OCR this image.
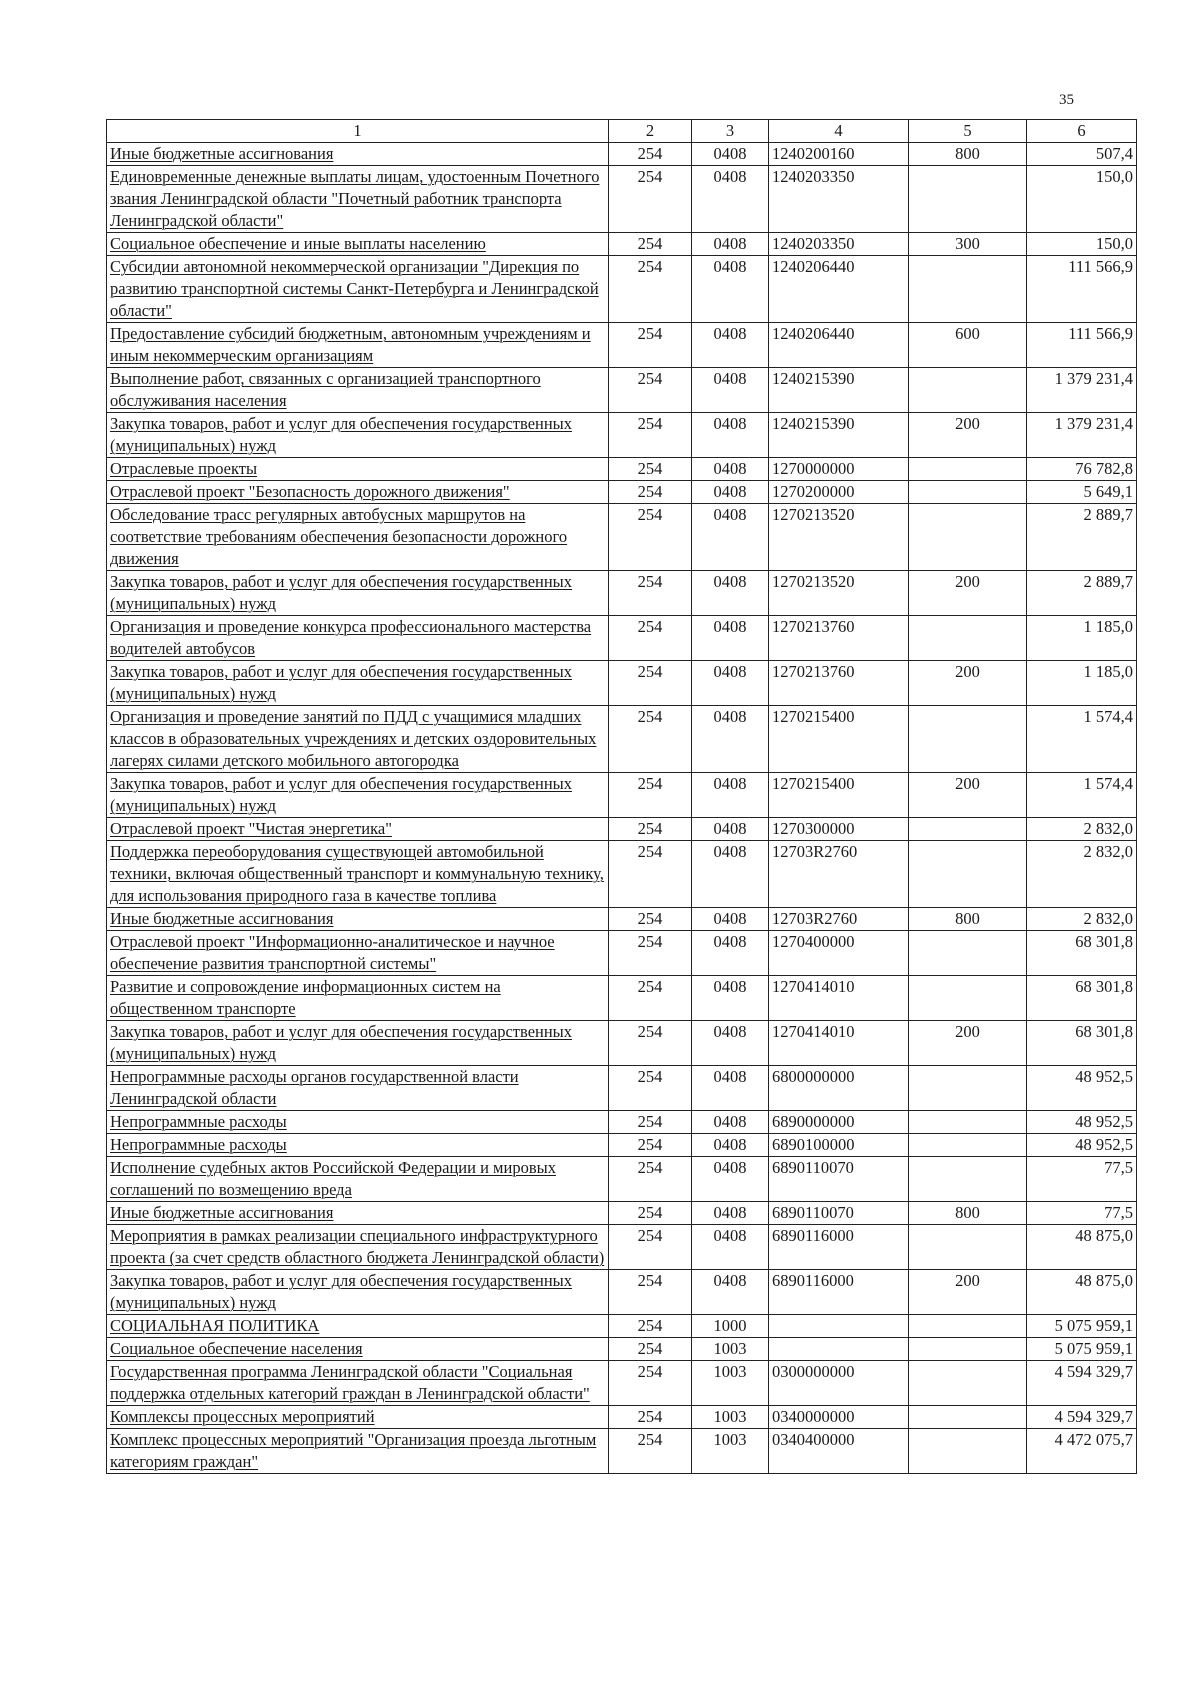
35
1	2	3	4	5	6
Иные бюджетные ассигнования	254	0408	1240200160	800	507,4
Единовременные денежные выплаты лицам, удостоенным Почетного звания Ленинградской области "Почетный работник транспорта Ленинградской области"	254	0408	1240203350		150,0
Социальное обеспечение и иные выплаты населению	254	0408	1240203350	300	150,0
Субсидии автономной некоммерческой организации "Дирекция по развитию транспортной системы Санкт-Петербурга и Ленинградской области"	254	0408	1240206440		111 566,9
Предоставление субсидий бюджетным, автономным учреждениям и иным некоммерческим организациям	254	0408	1240206440	600	111 566,9
Выполнение работ, связанных с организацией транспортного обслуживания населения	254	0408	1240215390		1 379 231,4
Закупка товаров, работ и услуг для обеспечения государственных (муниципальных) нужд	254	0408	1240215390	200	1 379 231,4
Отраслевые проекты	254	0408	1270000000		76 782,8
Отраслевой проект "Безопасность дорожного движения"	254	0408	1270200000		5 649,1
Обследование трасс регулярных автобусных маршрутов на соответствие требованиям обеспечения безопасности дорожного движения	254	0408	1270213520		2 889,7
Закупка товаров, работ и услуг для обеспечения государственных (муниципальных) нужд	254	0408	1270213520	200	2 889,7
Организация и проведение конкурса профессионального мастерства водителей автобусов	254	0408	1270213760		1 185,0
Закупка товаров, работ и услуг для обеспечения государственных (муниципальных) нужд	254	0408	1270213760	200	1 185,0
Организация и проведение занятий по ПДД с учащимися младших классов в образовательных учреждениях и детских оздоровительных лагерях силами детского мобильного автогородка	254	0408	1270215400		1 574,4
Закупка товаров, работ и услуг для обеспечения государственных (муниципальных) нужд	254	0408	1270215400	200	1 574,4
Отраслевой проект "Чистая энергетика"	254	0408	1270300000		2 832,0
Поддержка переоборудования существующей автомобильной техники, включая общественный транспорт и коммунальную технику, для использования природного газа в качестве топлива	254	0408	12703R2760		2 832,0
Иные бюджетные ассигнования	254	0408	12703R2760	800	2 832,0
Отраслевой проект "Информационно-аналитическое и научное обеспечение развития транспортной системы"	254	0408	1270400000		68 301,8
Развитие и сопровождение информационных систем на общественном транспорте	254	0408	1270414010		68 301,8
Закупка товаров, работ и услуг для обеспечения государственных (муниципальных) нужд	254	0408	1270414010	200	68 301,8
Непрограммные расходы органов государственной власти Ленинградской области	254	0408	6800000000		48 952,5
Непрограммные расходы	254	0408	6890000000		48 952,5
Непрограммные расходы	254	0408	6890100000		48 952,5
Исполнение судебных актов Российской Федерации и мировых соглашений по возмещению вреда	254	0408	6890110070		77,5
Иные бюджетные ассигнования	254	0408	6890110070	800	77,5
Мероприятия в рамках реализации специального инфраструктурного проекта (за счет средств областного бюджета Ленинградской области)	254	0408	6890116000		48 875,0
Закупка товаров, работ и услуг для обеспечения государственных (муниципальных) нужд	254	0408	6890116000	200	48 875,0
СОЦИАЛЬНАЯ ПОЛИТИКА	254	1000			5 075 959,1
Социальное обеспечение населения	254	1003			5 075 959,1
Государственная программа Ленинградской области "Социальная поддержка отдельных категорий граждан в Ленинградской области"	254	1003	0300000000		4 594 329,7
Комплексы процессных мероприятий	254	1003	0340000000		4 594 329,7
Комплекс процессных мероприятий "Организация проезда льготным категориям граждан"	254	1003	0340400000		4 472 075,7
